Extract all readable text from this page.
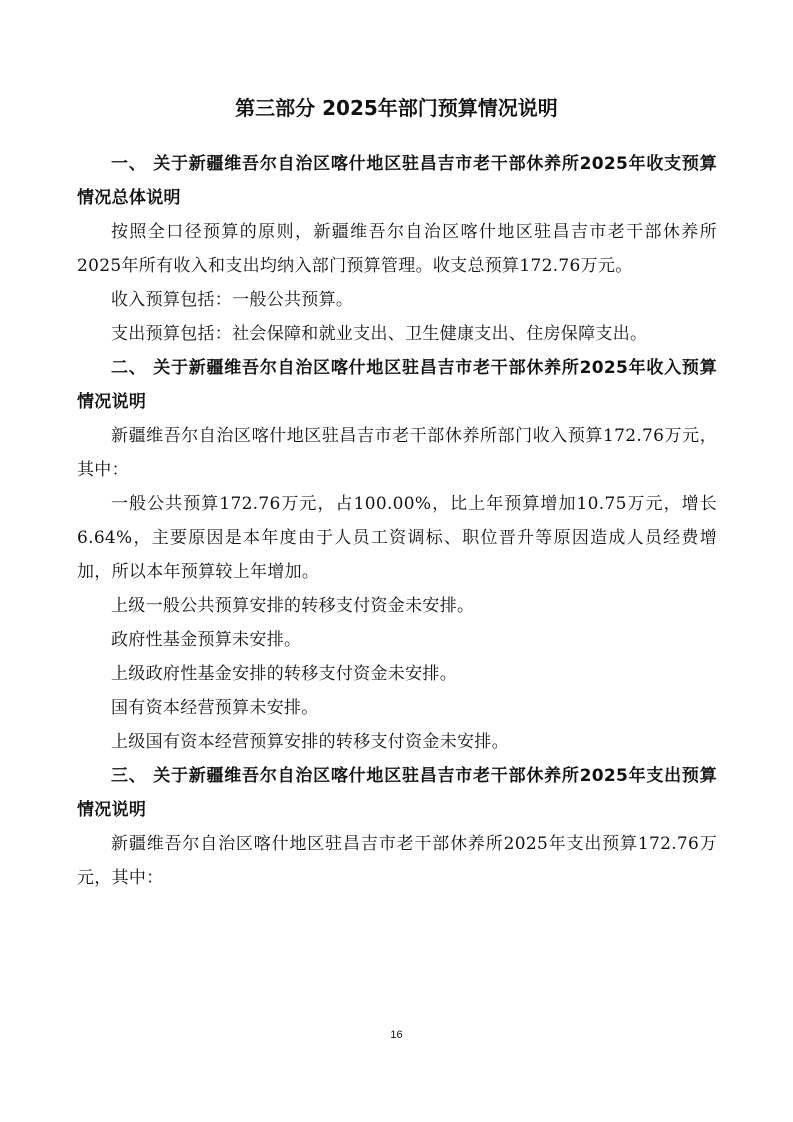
第三部分 2025年部门预算情况说明

一、 关于新疆维吾尔自治区喀什地区驻昌吉市老干部休养所2025年收支预算情况总体说明

按照全口径预算的原则，新疆维吾尔自治区喀什地区驻昌吉市老干部休养所2025年所有收入和支出均纳入部门预算管理。收支总预算172.76万元。

收入预算包括：一般公共预算。

支出预算包括：社会保障和就业支出、卫生健康支出、住房保障支出。

二、 关于新疆维吾尔自治区喀什地区驻昌吉市老干部休养所2025年收入预算情况说明

新疆维吾尔自治区喀什地区驻昌吉市老干部休养所部门收入预算172.76万元，其中：

一般公共预算172.76万元，占100.00%，比上年预算增加10.75万元，增长6.64%，主要原因是本年度由于人员工资调标、职位晋升等原因造成人员经费增加，所以本年预算较上年增加。

上级一般公共预算安排的转移支付资金未安排。

政府性基金预算未安排。

上级政府性基金安排的转移支付资金未安排。

国有资本经营预算未安排。

上级国有资本经营预算安排的转移支付资金未安排。

三、 关于新疆维吾尔自治区喀什地区驻昌吉市老干部休养所2025年支出预算情况说明

新疆维吾尔自治区喀什地区驻昌吉市老干部休养所2025年支出预算172.76万元，其中：

16
